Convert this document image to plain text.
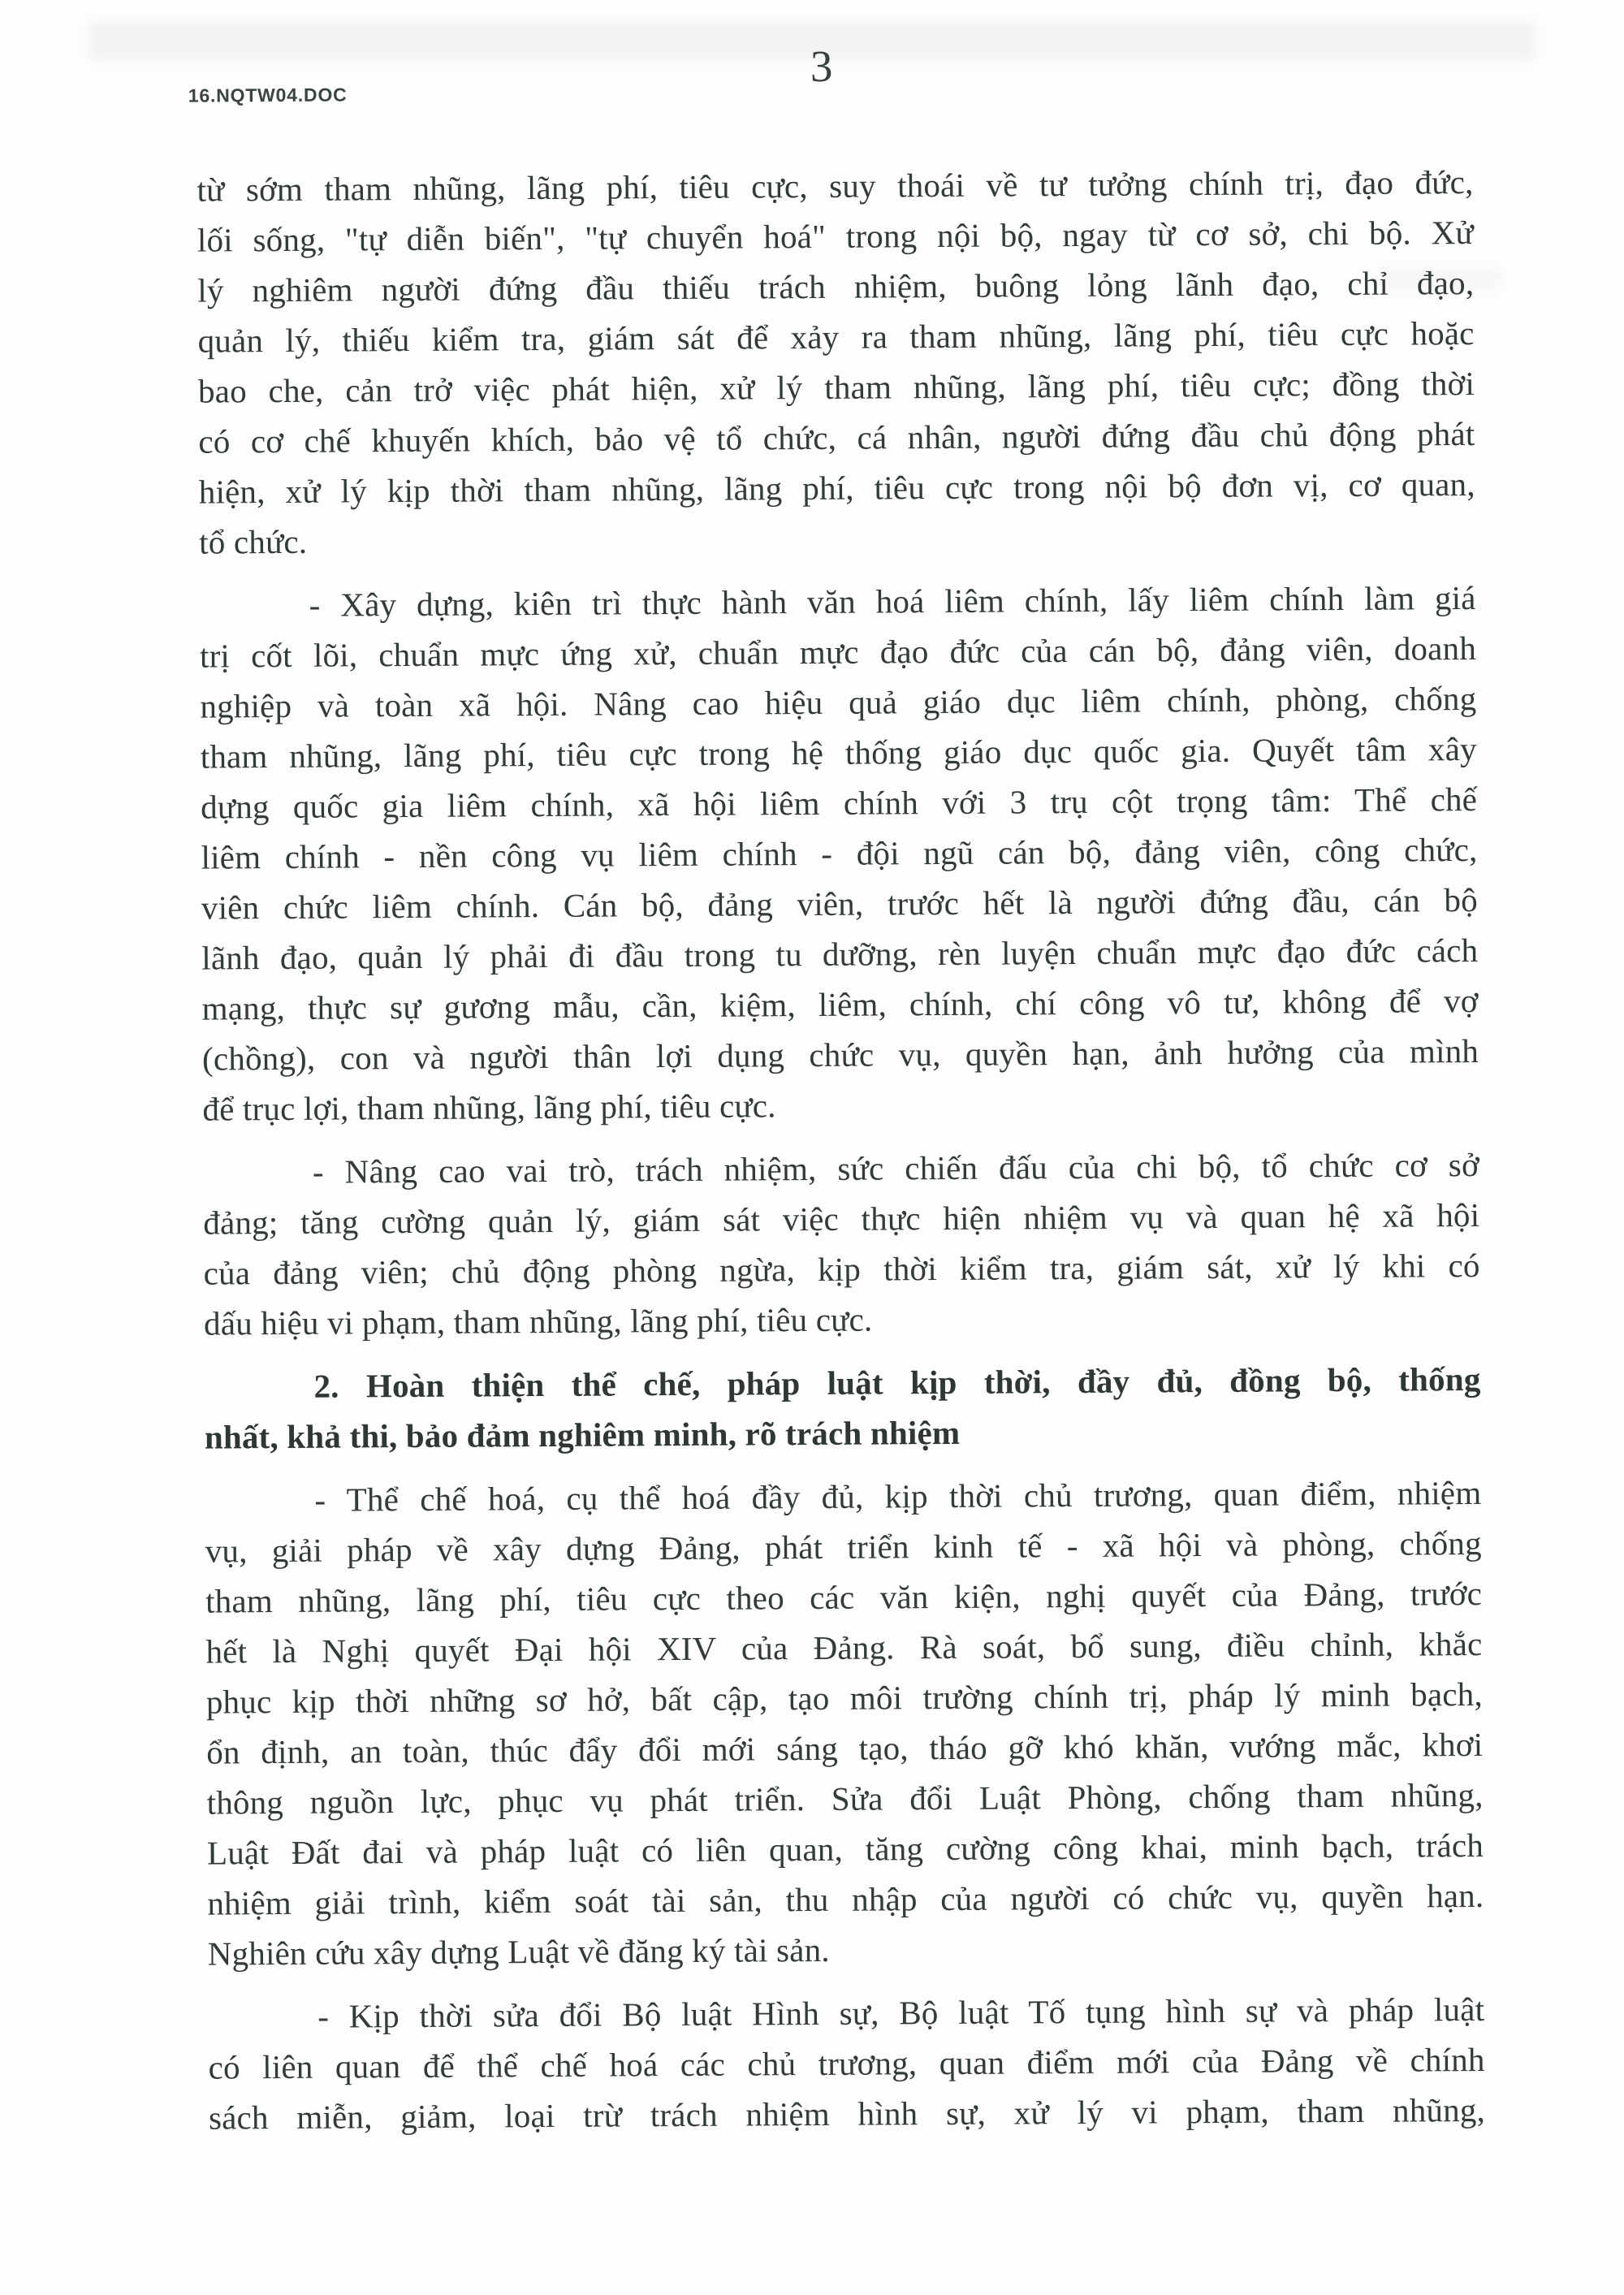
16.NQTW04.DOC
3
từ sớm tham nhũng, lãng phí, tiêu cực, suy thoái về tư tưởng chính trị, đạo đức,
lối sống, "tự diễn biến", "tự chuyển hoá" trong nội bộ, ngay từ cơ sở, chi bộ. Xử
lý nghiêm người đứng đầu thiếu trách nhiệm, buông lỏng lãnh đạo, chỉ đạo,
quản lý, thiếu kiểm tra, giám sát để xảy ra tham nhũng, lãng phí, tiêu cực hoặc
bao che, cản trở việc phát hiện, xử lý tham nhũng, lãng phí, tiêu cực; đồng thời
có cơ chế khuyến khích, bảo vệ tổ chức, cá nhân, người đứng đầu chủ động phát
hiện, xử lý kịp thời tham nhũng, lãng phí, tiêu cực trong nội bộ đơn vị, cơ quan,
tổ chức.
- Xây dựng, kiên trì thực hành văn hoá liêm chính, lấy liêm chính làm giá
trị cốt lõi, chuẩn mực ứng xử, chuẩn mực đạo đức của cán bộ, đảng viên, doanh
nghiệp và toàn xã hội. Nâng cao hiệu quả giáo dục liêm chính, phòng, chống
tham nhũng, lãng phí, tiêu cực trong hệ thống giáo dục quốc gia. Quyết tâm xây
dựng quốc gia liêm chính, xã hội liêm chính với 3 trụ cột trọng tâm: Thể chế
liêm chính - nền công vụ liêm chính - đội ngũ cán bộ, đảng viên, công chức,
viên chức liêm chính. Cán bộ, đảng viên, trước hết là người đứng đầu, cán bộ
lãnh đạo, quản lý phải đi đầu trong tu dưỡng, rèn luyện chuẩn mực đạo đức cách
mạng, thực sự gương mẫu, cần, kiệm, liêm, chính, chí công vô tư, không để vợ
(chồng), con và người thân lợi dụng chức vụ, quyền hạn, ảnh hưởng của mình
để trục lợi, tham nhũng, lãng phí, tiêu cực.
- Nâng cao vai trò, trách nhiệm, sức chiến đấu của chi bộ, tổ chức cơ sở
đảng; tăng cường quản lý, giám sát việc thực hiện nhiệm vụ và quan hệ xã hội
của đảng viên; chủ động phòng ngừa, kịp thời kiểm tra, giám sát, xử lý khi có
dấu hiệu vi phạm, tham nhũng, lãng phí, tiêu cực.
2. Hoàn thiện thể chế, pháp luật kịp thời, đầy đủ, đồng bộ, thống
nhất, khả thi, bảo đảm nghiêm minh, rõ trách nhiệm
- Thể chế hoá, cụ thể hoá đầy đủ, kịp thời chủ trương, quan điểm, nhiệm
vụ, giải pháp về xây dựng Đảng, phát triển kinh tế - xã hội và phòng, chống
tham nhũng, lãng phí, tiêu cực theo các văn kiện, nghị quyết của Đảng, trước
hết là Nghị quyết Đại hội XIV của Đảng. Rà soát, bổ sung, điều chỉnh, khắc
phục kịp thời những sơ hở, bất cập, tạo môi trường chính trị, pháp lý minh bạch,
ổn định, an toàn, thúc đẩy đổi mới sáng tạo, tháo gỡ khó khăn, vướng mắc, khơi
thông nguồn lực, phục vụ phát triển. Sửa đổi Luật Phòng, chống tham nhũng,
Luật Đất đai và pháp luật có liên quan, tăng cường công khai, minh bạch, trách
nhiệm giải trình, kiểm soát tài sản, thu nhập của người có chức vụ, quyền hạn.
Nghiên cứu xây dựng Luật về đăng ký tài sản.
- Kịp thời sửa đổi Bộ luật Hình sự, Bộ luật Tố tụng hình sự và pháp luật
có liên quan để thể chế hoá các chủ trương, quan điểm mới của Đảng về chính
sách miễn, giảm, loại trừ trách nhiệm hình sự, xử lý vi phạm, tham nhũng,
